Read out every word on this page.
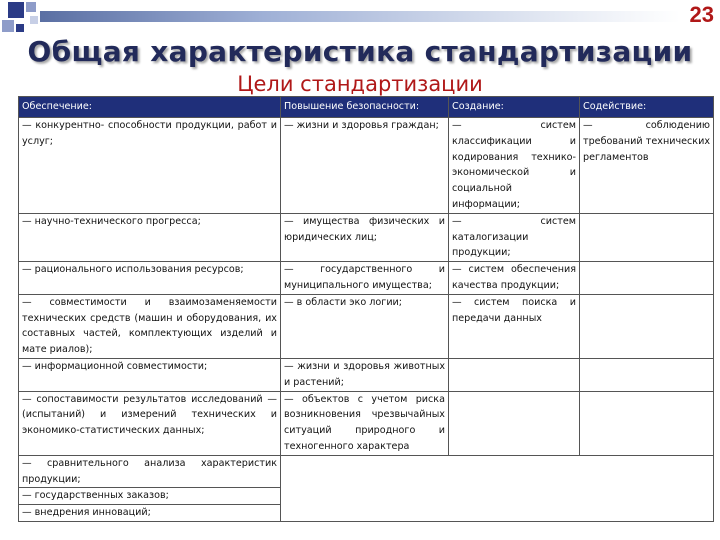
23
Общая характеристика стандартизации
Цели стандартизации
Обеспечение:	Повышение безопасности:	Создание:	Содействие:
— конкурентно- способности продукции, работ и услуг;	— жизни и здоровья граждан;	— систем классификации и кодирования технико-экономической и социальной информации;	— соблюдению требований технических регламентов
— научно-технического прогресса;	— имущества физических и юридических лиц;	— систем каталогизации продукции;	
— рационального использования ресурсов;	— государственного и муниципального имущества;	— систем обеспечения качества продукции;	
— совместимости и взаимозаменяемости технических средств (машин и оборудования, их составных частей, комплектующих изделий и мате риалов);	— в области эко логии;	— систем поиска и передачи данных	
— информационной совместимости;	— жизни и здоровья животных и растений;		
— сопоставимости результатов исследований — (испытаний) и измерений технических и экономико-статистических данных;	— объектов с учетом риска возникновения чрезвычайных ситуаций природного и техногенного характера		
— сравнительного анализа характеристик продукции;			
— государственных заказов;			
— внедрения инноваций;			
